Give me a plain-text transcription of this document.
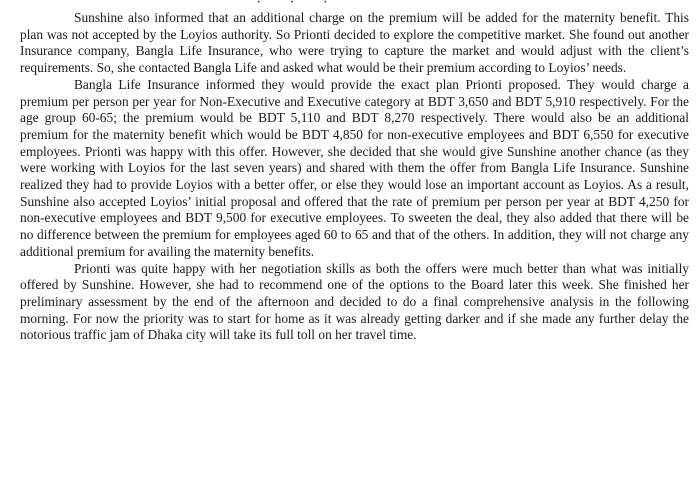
· · ·

Sunshine also informed that an additional charge on the premium will be added for the maternity benefit. This plan was not accepted by the Loyios authority. So Prionti decided to explore the competitive market. She found out another Insurance company, Bangla Life Insurance, who were trying to capture the market and would adjust with the client’s requirements. So, she contacted Bangla Life and asked what would be their premium according to Loyios’ needs.

Bangla Life Insurance informed they would provide the exact plan Prionti proposed. They would charge a premium per person per year for Non-Executive and Executive category at BDT 3,650 and BDT 5,910 respectively. For the age group 60-65; the premium would be BDT 5,110 and BDT 8,270 respectively. There would also be an additional premium for the maternity benefit which would be BDT 4,850 for non-executive employees and BDT 6,550 for executive employees. Prionti was happy with this offer. However, she decided that she would give Sunshine another chance (as they were working with Loyios for the last seven years) and shared with them the offer from Bangla Life Insurance. Sunshine realized they had to provide Loyios with a better offer, or else they would lose an important account as Loyios. As a result, Sunshine also accepted Loyios’ initial proposal and offered that the rate of premium per person per year at BDT 4,250 for non-executive employees and BDT 9,500 for executive employees. To sweeten the deal, they also added that there will be no difference between the premium for employees aged 60 to 65 and that of the others. In addition, they will not charge any additional premium for availing the maternity benefits.

Prionti was quite happy with her negotiation skills as both the offers were much better than what was initially offered by Sunshine. However, she had to recommend one of the options to the Board later this week. She finished her preliminary assessment by the end of the afternoon and decided to do a final comprehensive analysis in the following morning. For now the priority was to start for home as it was already getting darker and if she made any further delay the notorious traffic jam of Dhaka city will take its full toll on her travel time.
